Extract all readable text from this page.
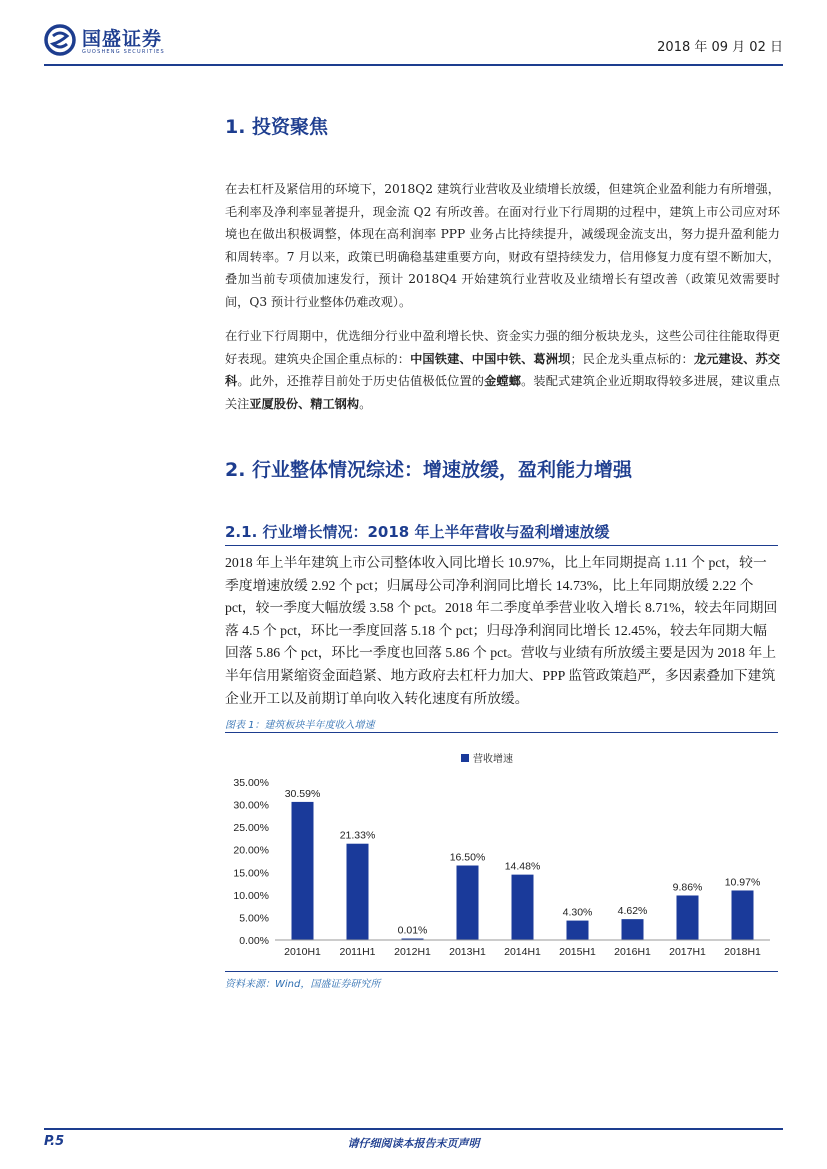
国盛证券
GUOSHENG SECURITIES	2018 年 09 月 02 日
1. 投资聚焦
在去杠杆及紧信用的环境下，2018Q2 建筑行业营收及业绩增长放缓，但建筑企业盈利能力有所增强，毛利率及净利率显著提升，现金流 Q2 有所改善。在面对行业下行周期的过程中，建筑上市公司应对环境也在做出积极调整，体现在高利润率 PPP 业务占比持续提升，减缓现金流支出，努力提升盈利能力和周转率。7 月以来，政策已明确稳基建重要方向，财政有望持续发力，信用修复力度有望不断加大，叠加当前专项债加速发行，预计 2018Q4 开始建筑行业营收及业绩增长有望改善（政策见效需要时间，Q3 预计行业整体仍难改观）。
在行业下行周期中，优选细分行业中盈利增长快、资金实力强的细分板块龙头，这些公司往往能取得更好表现。建筑央企国企重点标的：中国铁建、中国中铁、葛洲坝；民企龙头重点标的：龙元建设、苏交科。此外，还推荐目前处于历史估值极低位置的金螳螂。装配式建筑企业近期取得较多进展，建议重点关注亚厦股份、精工钢构。
2. 行业整体情况综述：增速放缓，盈利能力增强
2.1. 行业增长情况：2018 年上半年营收与盈利增速放缓
2018 年上半年建筑上市公司整体收入同比增长 10.97%，比上年同期提高 1.11 个 pct，较一季度增速放缓 2.92 个 pct；归属母公司净利润同比增长 14.73%，比上年同期放缓 2.22 个 pct，较一季度大幅放缓 3.58 个 pct。2018 年二季度单季营业收入增长 8.71%，较去年同期回落 4.5 个 pct，环比一季度回落 5.18 个 pct；归母净利润同比增长 12.45%，较去年同期大幅回落 5.86 个 pct，环比一季度也回落 5.86 个 pct。营收与业绩有所放缓主要是因为 2018 年上半年信用紧缩资金面趋紧、地方政府去杠杆力加大、PPP 监管政策趋严，多因素叠加下建筑企业开工以及前期订单向收入转化速度有所放缓。
图表 1：建筑板块半年度收入增速
营收增速
0.00%
5.00%
10.00%
15.00%
20.00%
25.00%
30.00%
35.00%
30.59%
21.33%
0.01%
16.50%
14.48%
4.30% 4.62%
9.86% 10.97%
2010H1 2011H1 2012H1 2013H1 2014H1 2015H1 2016H1 2017H1 2018H1
资料来源：Wind，国盛证券研究所
P.5	请仔细阅读本报告末页声明
